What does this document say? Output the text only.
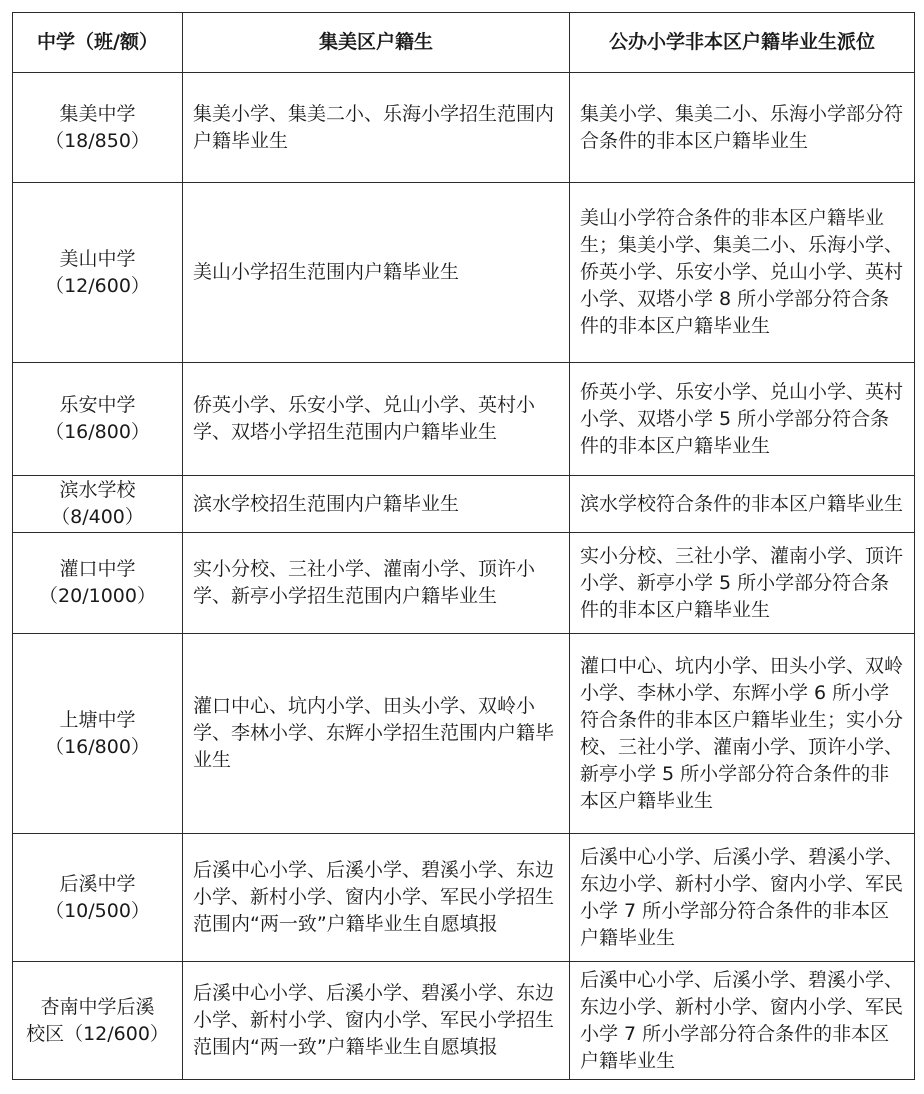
中学（班/额）	集美区户籍生	公办小学非本区户籍毕业生派位

集美中学
（18/850）	集美小学、集美二小、乐海小学招生范围内户籍毕业生	集美小学、集美二小、乐海小学部分符合条件的非本区户籍毕业生

美山中学
（12/600）	美山小学招生范围内户籍毕业生	美山小学符合条件的非本区户籍毕业生；集美小学、集美二小、乐海小学、侨英小学、乐安小学、兑山小学、英村小学、双塔小学 8 所小学部分符合条件的非本区户籍毕业生

乐安中学
（16/800）	侨英小学、乐安小学、兑山小学、英村小学、双塔小学招生范围内户籍毕业生	侨英小学、乐安小学、兑山小学、英村小学、双塔小学 5 所小学部分符合条件的非本区户籍毕业生

滨水学校
（8/400）	滨水学校招生范围内户籍毕业生	滨水学校符合条件的非本区户籍毕业生

灌口中学
（20/1000）	实小分校、三社小学、灌南小学、顶许小学、新亭小学招生范围内户籍毕业生	实小分校、三社小学、灌南小学、顶许小学、新亭小学 5 所小学部分符合条件的非本区户籍毕业生

上塘中学
（16/800）	灌口中心、坑内小学、田头小学、双岭小学、李林小学、东辉小学招生范围内户籍毕业生	灌口中心、坑内小学、田头小学、双岭小学、李林小学、东辉小学 6 所小学符合条件的非本区户籍毕业生；实小分校、三社小学、灌南小学、顶许小学、新亭小学 5 所小学部分符合条件的非本区户籍毕业生

后溪中学
（10/500）	后溪中心小学、后溪小学、碧溪小学、东边小学、新村小学、窗内小学、军民小学招生范围内“两一致”户籍毕业生自愿填报	后溪中心小学、后溪小学、碧溪小学、东边小学、新村小学、窗内小学、军民小学 7 所小学部分符合条件的非本区户籍毕业生

杏南中学后溪
校区（12/600）	后溪中心小学、后溪小学、碧溪小学、东边小学、新村小学、窗内小学、军民小学招生范围内“两一致”户籍毕业生自愿填报	后溪中心小学、后溪小学、碧溪小学、东边小学、新村小学、窗内小学、军民小学 7 所小学部分符合条件的非本区户籍毕业生
